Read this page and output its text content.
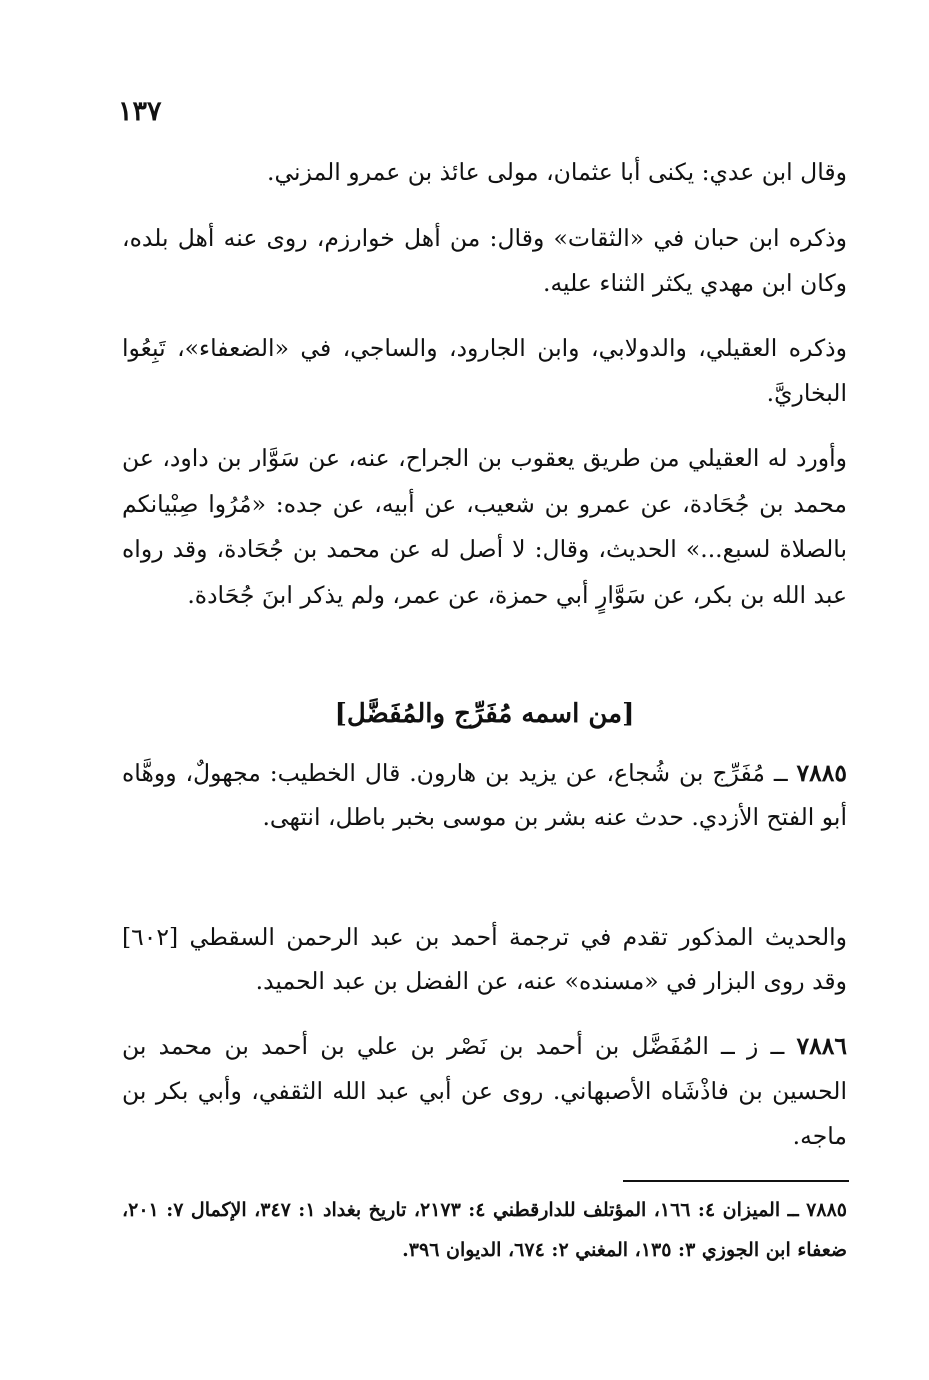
١٣٧

وقال ابن عدي: يكنى أبا عثمان، مولى عائذ بن عمرو المزني.

وذكره ابن حبان في «الثقات» وقال: من أهل خوارزم، روى عنه أهل بلده، وكان ابن مهدي يكثر الثناء عليه.

وذكره العقيلي، والدولابي، وابن الجارود، والساجي، في «الضعفاء»، تَبِعُوا البخاريَّ.

وأورد له العقيلي من طريق يعقوب بن الجراح، عنه، عن سَوَّار بن داود، عن محمد بن جُحَادة، عن عمرو بن شعيب، عن أبيه، عن جده: «مُرُوا صِبْيانكم بالصلاة لسبع...» الحديث، وقال: لا أصل له عن محمد بن جُحَادة، وقد رواه عبد الله بن بكر، عن سَوَّارٍ أبي حمزة، عن عمر، ولم يذكر ابنَ جُحَادة.

[من اسمه مُفَرِّج والمُفَضَّل]

٧٨٨٥ ــ مُفَرِّج بن شُجاع، عن يزيد بن هارون. قال الخطيب: مجهولٌ، ووهَّاه أبو الفتح الأزدي. حدث عنه بشر بن موسى بخبر باطل، انتهى.

والحديث المذكور تقدم في ترجمة أحمد بن عبد الرحمن السقطي [٦٠٢] وقد روى البزار في «مسنده» عنه، عن الفضل بن عبد الحميد.

٧٨٨٦ ــ ز ــ المُفَضَّل بن أحمد بن نَصْر بن علي بن أحمد بن محمد بن الحسين بن فاذْشَاه الأصبهاني. روى عن أبي عبد الله الثقفي، وأبي بكر بن ماجه.

٧٨٨٥ ــ الميزان ٤: ١٦٦، المؤتلف للدارقطني ٤: ٢١٧٣، تاريخ بغداد ١: ٣٤٧، الإكمال ٧: ٢٠١، ضعفاء ابن الجوزي ٣: ١٣٥، المغني ٢: ٦٧٤، الديوان ٣٩٦.
